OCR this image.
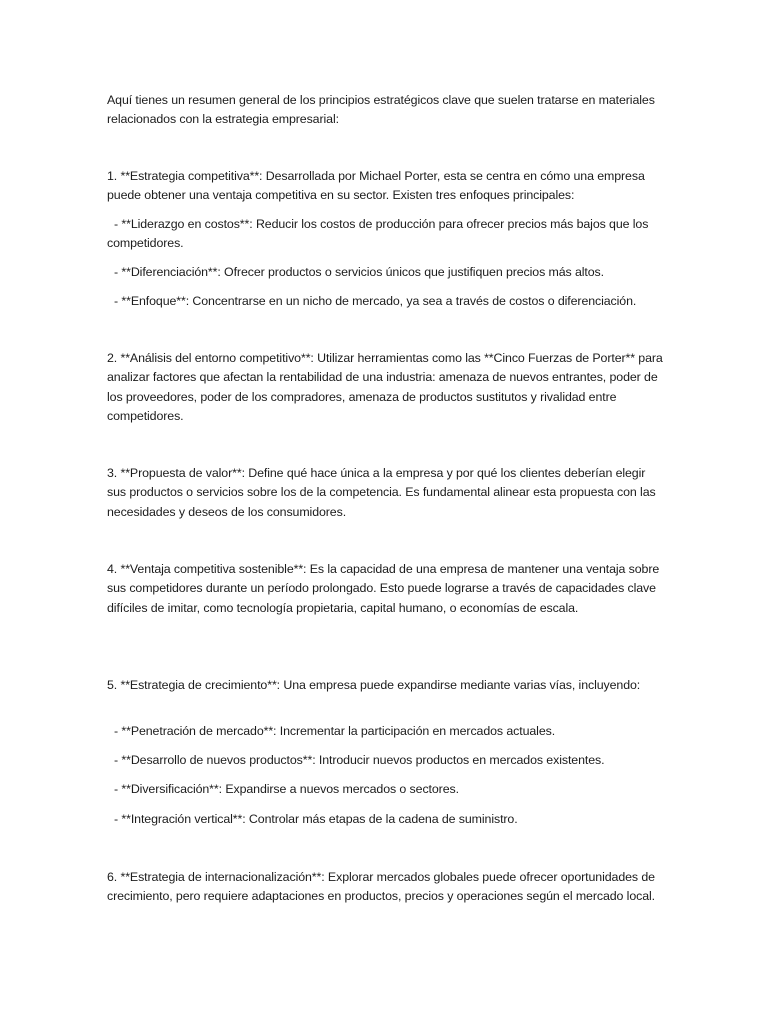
Aquí tienes un resumen general de los principios estratégicos clave que suelen tratarse en materiales relacionados con la estrategia empresarial:

1. **Estrategia competitiva**: Desarrollada por Michael Porter, esta se centra en cómo una empresa puede obtener una ventaja competitiva en su sector. Existen tres enfoques principales:

- **Liderazgo en costos**: Reducir los costos de producción para ofrecer precios más bajos que los competidores.

- **Diferenciación**: Ofrecer productos o servicios únicos que justifiquen precios más altos.

- **Enfoque**: Concentrarse en un nicho de mercado, ya sea a través de costos o diferenciación.

2. **Análisis del entorno competitivo**: Utilizar herramientas como las **Cinco Fuerzas de Porter** para analizar factores que afectan la rentabilidad de una industria: amenaza de nuevos entrantes, poder de los proveedores, poder de los compradores, amenaza de productos sustitutos y rivalidad entre competidores.

3. **Propuesta de valor**: Define qué hace única a la empresa y por qué los clientes deberían elegir sus productos o servicios sobre los de la competencia. Es fundamental alinear esta propuesta con las necesidades y deseos de los consumidores.

4. **Ventaja competitiva sostenible**: Es la capacidad de una empresa de mantener una ventaja sobre sus competidores durante un período prolongado. Esto puede lograrse a través de capacidades clave difíciles de imitar, como tecnología propietaria, capital humano, o economías de escala.

5. **Estrategia de crecimiento**: Una empresa puede expandirse mediante varias vías, incluyendo:

- **Penetración de mercado**: Incrementar la participación en mercados actuales.

- **Desarrollo de nuevos productos**: Introducir nuevos productos en mercados existentes.

- **Diversificación**: Expandirse a nuevos mercados o sectores.

- **Integración vertical**: Controlar más etapas de la cadena de suministro.

6. **Estrategia de internacionalización**: Explorar mercados globales puede ofrecer oportunidades de crecimiento, pero requiere adaptaciones en productos, precios y operaciones según el mercado local.
